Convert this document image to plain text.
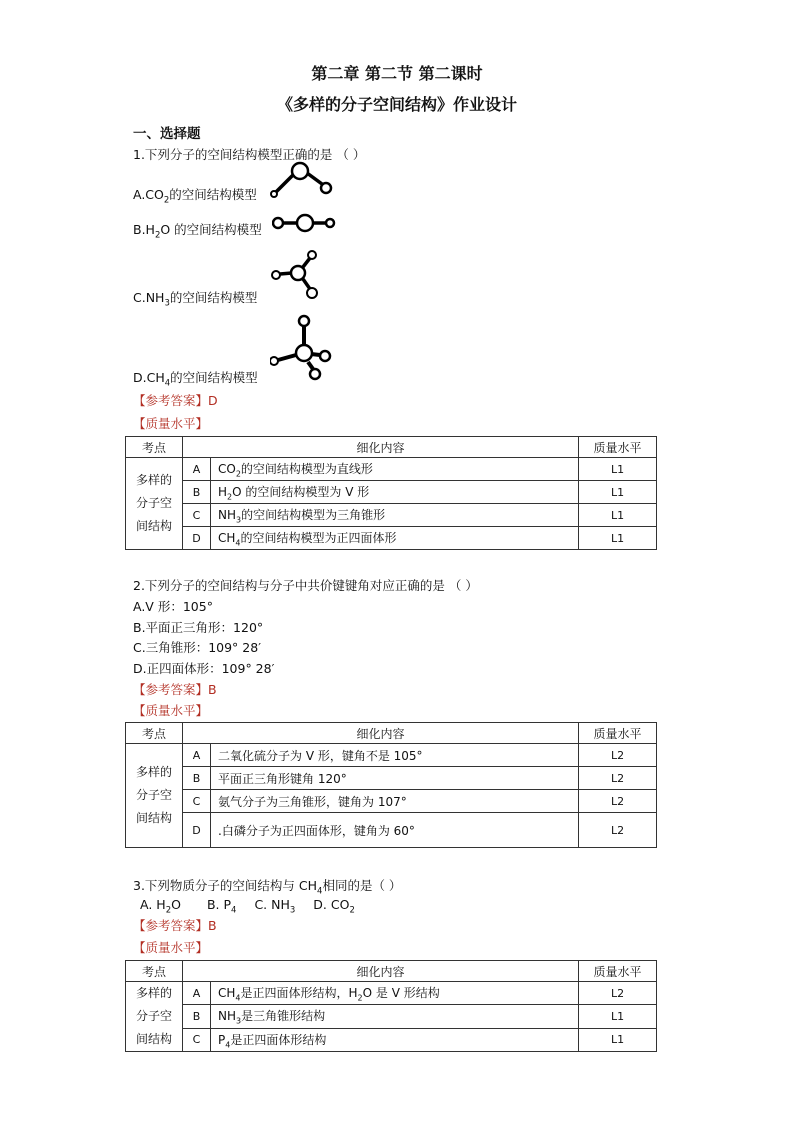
第二章 第二节 第二课时
《多样的分子空间结构》作业设计
一、选择题
1.下列分子的空间结构模型正确的是 （ ）
$A.CO_2$的空间结构模型
$B.H_2O$ 的空间结构模型
$C.NH_3$的空间结构模型
$D.CH_4$的空间结构模型
【参考答案】D
【质量水平】
考点	细化内容		质量水平

多样的分子空间结构	A	$CO_2$的空间结构模型为直线形	L1
	B	$H_2O$ 的空间结构模型为 V 形	L1
	C	$NH_3$的空间结构模型为三角锥形	L1
	D	$CH_4$的空间结构模型为正四面体形	L1
2.下列分子的空间结构与分子中共价键键角对应正确的是 （ ）
A.V 形：105°
B.平面正三角形：120°
C.三角锥形：109° 28′
D.正四面体形：109° 28′
【参考答案】B
【质量水平】
考点	细化内容		质量水平

多样的分子空间结构	A	二氧化硫分子为 V 形，键角不是 105°	L2
	B	平面正三角形键角 120°	L2
	C	氨气分子为三角锥形，键角为 107°	L2
	D	.白磷分子为正四面体形，键角为 60°	L2
3.下列物质分子的空间结构与 $CH_4$相同的是（ ）
A. $H_2O$ B. $P_4$ C. $NH_3$ D. $CO_2$
【参考答案】B
【质量水平】
考点	细化内容		质量水平

多样的分子空间结构	A	$CH_4$是正四面体形结构，$H_2O$ 是 V 形结构	L2
	B	$NH_3$是三角锥形结构	L1
	C	$P_4$是正四面体形结构	L1
